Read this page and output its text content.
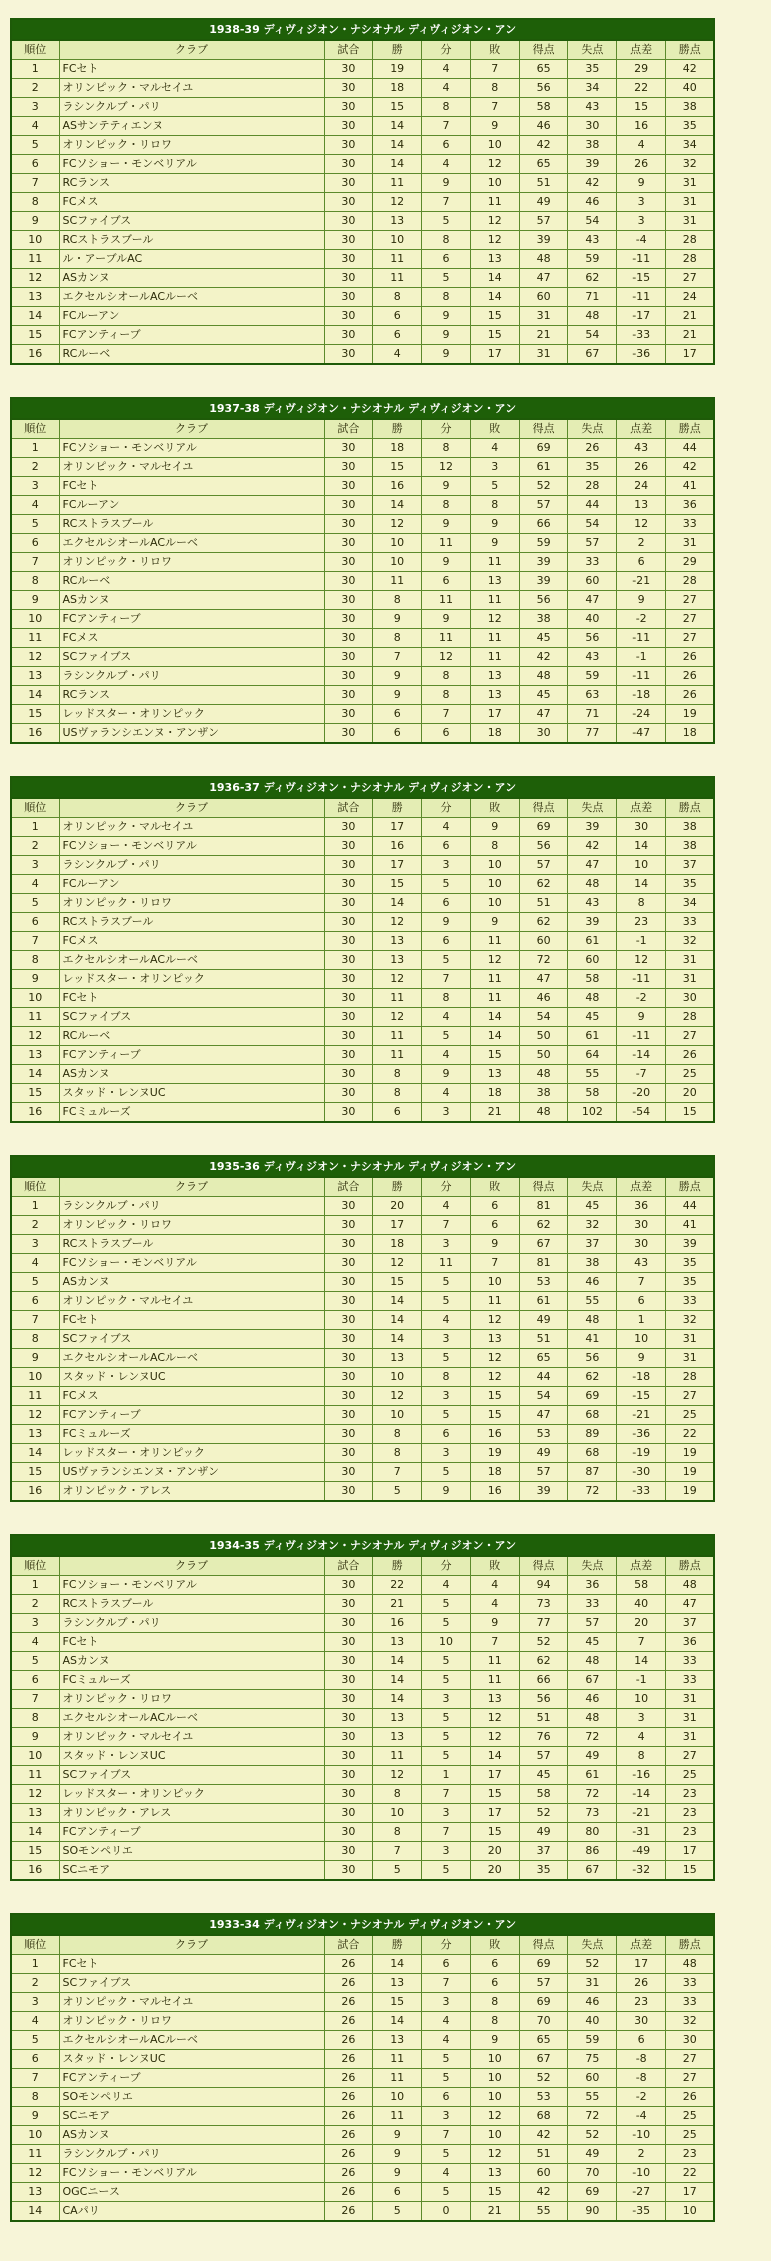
1938-39 ディヴィジオン・ナシオナル ディヴィジオン・アン
順位	クラブ	試合	勝	分	敗	得点	失点	点差	勝点
1	FCセト	30	19	4	7	65	35	29	42
2	オリンピック・マルセイユ	30	18	4	8	56	34	22	40
3	ラシンクルブ・パリ	30	15	8	7	58	43	15	38
4	ASサンテティエンヌ	30	14	7	9	46	30	16	35
5	オリンピック・リロワ	30	14	6	10	42	38	4	34
6	FCソショー・モンベリアル	30	14	4	12	65	39	26	32
7	RCランス	30	11	9	10	51	42	9	31
8	FCメス	30	12	7	11	49	46	3	31
9	SCファイブス	30	13	5	12	57	54	3	31
10	RCストラスブール	30	10	8	12	39	43	-4	28
11	ル・アーブルAC	30	11	6	13	48	59	-11	28
12	ASカンヌ	30	11	5	14	47	62	-15	27
13	エクセルシオールACルーベ	30	8	8	14	60	71	-11	24
14	FCルーアン	30	6	9	15	31	48	-17	21
15	FCアンティーブ	30	6	9	15	21	54	-33	21
16	RCルーベ	30	4	9	17	31	67	-36	17
1937-38 ディヴィジオン・ナシオナル ディヴィジオン・アン
順位	クラブ	試合	勝	分	敗	得点	失点	点差	勝点
1	FCソショー・モンベリアル	30	18	8	4	69	26	43	44
2	オリンピック・マルセイユ	30	15	12	3	61	35	26	42
3	FCセト	30	16	9	5	52	28	24	41
4	FCルーアン	30	14	8	8	57	44	13	36
5	RCストラスブール	30	12	9	9	66	54	12	33
6	エクセルシオールACルーベ	30	10	11	9	59	57	2	31
7	オリンピック・リロワ	30	10	9	11	39	33	6	29
8	RCルーベ	30	11	6	13	39	60	-21	28
9	ASカンヌ	30	8	11	11	56	47	9	27
10	FCアンティーブ	30	9	9	12	38	40	-2	27
11	FCメス	30	8	11	11	45	56	-11	27
12	SCファイブス	30	7	12	11	42	43	-1	26
13	ラシンクルブ・パリ	30	9	8	13	48	59	-11	26
14	RCランス	30	9	8	13	45	63	-18	26
15	レッドスター・オリンピック	30	6	7	17	47	71	-24	19
16	USヴァランシエンヌ・アンザン	30	6	6	18	30	77	-47	18
1936-37 ディヴィジオン・ナシオナル ディヴィジオン・アン
順位	クラブ	試合	勝	分	敗	得点	失点	点差	勝点
1	オリンピック・マルセイユ	30	17	4	9	69	39	30	38
2	FCソショー・モンベリアル	30	16	6	8	56	42	14	38
3	ラシンクルブ・パリ	30	17	3	10	57	47	10	37
4	FCルーアン	30	15	5	10	62	48	14	35
5	オリンピック・リロワ	30	14	6	10	51	43	8	34
6	RCストラスブール	30	12	9	9	62	39	23	33
7	FCメス	30	13	6	11	60	61	-1	32
8	エクセルシオールACルーベ	30	13	5	12	72	60	12	31
9	レッドスター・オリンピック	30	12	7	11	47	58	-11	31
10	FCセト	30	11	8	11	46	48	-2	30
11	SCファイブス	30	12	4	14	54	45	9	28
12	RCルーベ	30	11	5	14	50	61	-11	27
13	FCアンティーブ	30	11	4	15	50	64	-14	26
14	ASカンヌ	30	8	9	13	48	55	-7	25
15	スタッド・レンヌUC	30	8	4	18	38	58	-20	20
16	FCミュルーズ	30	6	3	21	48	102	-54	15
1935-36 ディヴィジオン・ナシオナル ディヴィジオン・アン
順位	クラブ	試合	勝	分	敗	得点	失点	点差	勝点
1	ラシンクルブ・パリ	30	20	4	6	81	45	36	44
2	オリンピック・リロワ	30	17	7	6	62	32	30	41
3	RCストラスブール	30	18	3	9	67	37	30	39
4	FCソショー・モンベリアル	30	12	11	7	81	38	43	35
5	ASカンヌ	30	15	5	10	53	46	7	35
6	オリンピック・マルセイユ	30	14	5	11	61	55	6	33
7	FCセト	30	14	4	12	49	48	1	32
8	SCファイブス	30	14	3	13	51	41	10	31
9	エクセルシオールACルーベ	30	13	5	12	65	56	9	31
10	スタッド・レンヌUC	30	10	8	12	44	62	-18	28
11	FCメス	30	12	3	15	54	69	-15	27
12	FCアンティーブ	30	10	5	15	47	68	-21	25
13	FCミュルーズ	30	8	6	16	53	89	-36	22
14	レッドスター・オリンピック	30	8	3	19	49	68	-19	19
15	USヴァランシエンヌ・アンザン	30	7	5	18	57	87	-30	19
16	オリンピック・アレス	30	5	9	16	39	72	-33	19
1934-35 ディヴィジオン・ナシオナル ディヴィジオン・アン
順位	クラブ	試合	勝	分	敗	得点	失点	点差	勝点
1	FCソショー・モンベリアル	30	22	4	4	94	36	58	48
2	RCストラスブール	30	21	5	4	73	33	40	47
3	ラシンクルブ・パリ	30	16	5	9	77	57	20	37
4	FCセト	30	13	10	7	52	45	7	36
5	ASカンヌ	30	14	5	11	62	48	14	33
6	FCミュルーズ	30	14	5	11	66	67	-1	33
7	オリンピック・リロワ	30	14	3	13	56	46	10	31
8	エクセルシオールACルーベ	30	13	5	12	51	48	3	31
9	オリンピック・マルセイユ	30	13	5	12	76	72	4	31
10	スタッド・レンヌUC	30	11	5	14	57	49	8	27
11	SCファイブス	30	12	1	17	45	61	-16	25
12	レッドスター・オリンピック	30	8	7	15	58	72	-14	23
13	オリンピック・アレス	30	10	3	17	52	73	-21	23
14	FCアンティーブ	30	8	7	15	49	80	-31	23
15	SOモンペリエ	30	7	3	20	37	86	-49	17
16	SCニモア	30	5	5	20	35	67	-32	15
1933-34 ディヴィジオン・ナシオナル ディヴィジオン・アン
順位	クラブ	試合	勝	分	敗	得点	失点	点差	勝点
1	FCセト	26	14	6	6	69	52	17	48
2	SCファイブス	26	13	7	6	57	31	26	33
3	オリンピック・マルセイユ	26	15	3	8	69	46	23	33
4	オリンピック・リロワ	26	14	4	8	70	40	30	32
5	エクセルシオールACルーベ	26	13	4	9	65	59	6	30
6	スタッド・レンヌUC	26	11	5	10	67	75	-8	27
7	FCアンティーブ	26	11	5	10	52	60	-8	27
8	SOモンペリエ	26	10	6	10	53	55	-2	26
9	SCニモア	26	11	3	12	68	72	-4	25
10	ASカンヌ	26	9	7	10	42	52	-10	25
11	ラシンクルブ・パリ	26	9	5	12	51	49	2	23
12	FCソショー・モンベリアル	26	9	4	13	60	70	-10	22
13	OGCニース	26	6	5	15	42	69	-27	17
14	CAパリ	26	5	0	21	55	90	-35	10
